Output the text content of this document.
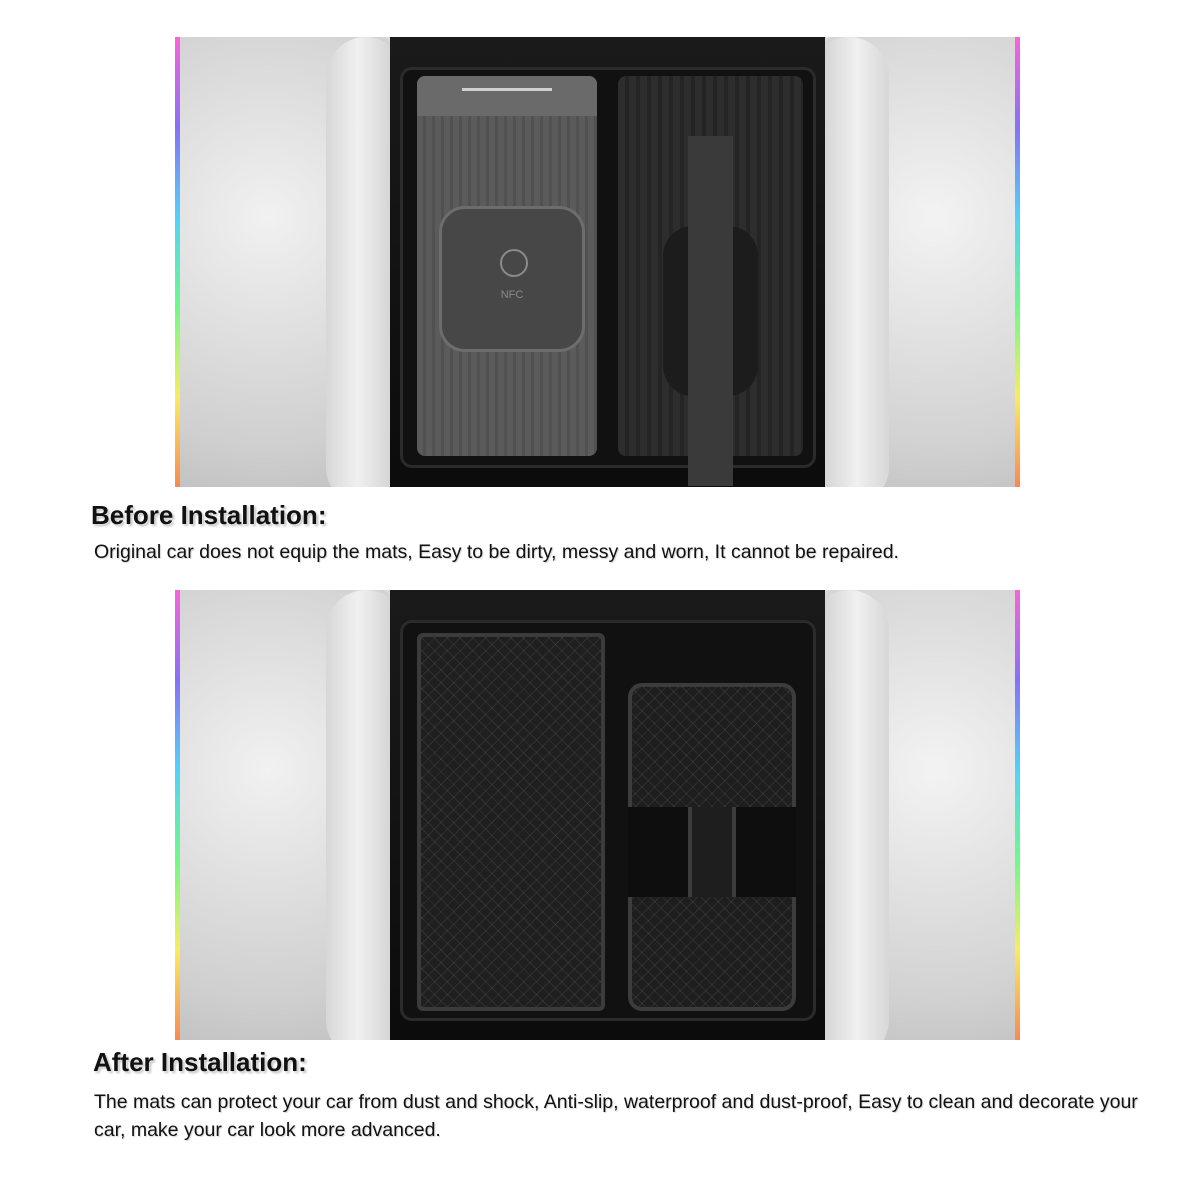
NFC
Before Installation:

Original car does not equip the mats, Easy to be dirty, messy and worn, It cannot be repaired.

After Installation:

The mats can protect your car from dust and shock, Anti-slip, waterproof and dust-proof, Easy to clean and decorate your car, make your car look more advanced.
